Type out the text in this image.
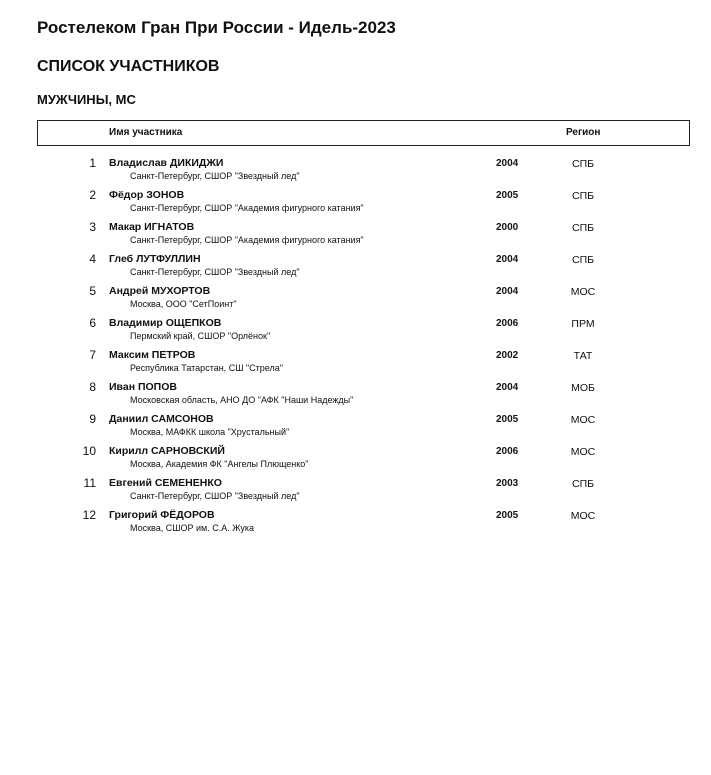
Ростелеком Гран При России - Идель-2023
СПИСОК УЧАСТНИКОВ
МУЖЧИНЫ, МС
Имя участника	Регион
1 Владислав ДИКИДЖИ
Санкт-Петербург, СШОР "Звездный лед"
2004	СПБ
2 Фёдор ЗОНОВ
Санкт-Петербург, СШОР "Академия фигурного катания"
2005	СПБ
3 Макар ИГНАТОВ
Санкт-Петербург, СШОР "Академия фигурного катания"
2000	СПБ
4 Глеб ЛУТФУЛЛИН
Санкт-Петербург, СШОР "Звездный лед"
2004	СПБ
5 Андрей МУХОРТОВ
Москва, ООО "СетПоинт"
2004	МОС
6 Владимир ОЩЕПКОВ
Пермский край, СШОР "Орлёнок"
2006	ПРМ
7 Максим ПЕТРОВ
Республика Татарстан, СШ "Стрела"
2002	ТАТ
8 Иван ПОПОВ
Московская область, АНО ДО "АФК "Наши Надежды"
2004	МОБ
9 Даниил САМСОНОВ
Москва, МАФКК школа "Хрустальный"
2005	МОС
10 Кирилл САРНОВСКИЙ
Москва, Академия ФК "Ангелы Плющенко"
2006	МОС
11 Евгений СЕМЕНЕНКО
Санкт-Петербург, СШОР "Звездный лед"
2003	СПБ
12 Григорий ФЁДОРОВ
Москва, СШОР им. С.А. Жука
2005	МОС
